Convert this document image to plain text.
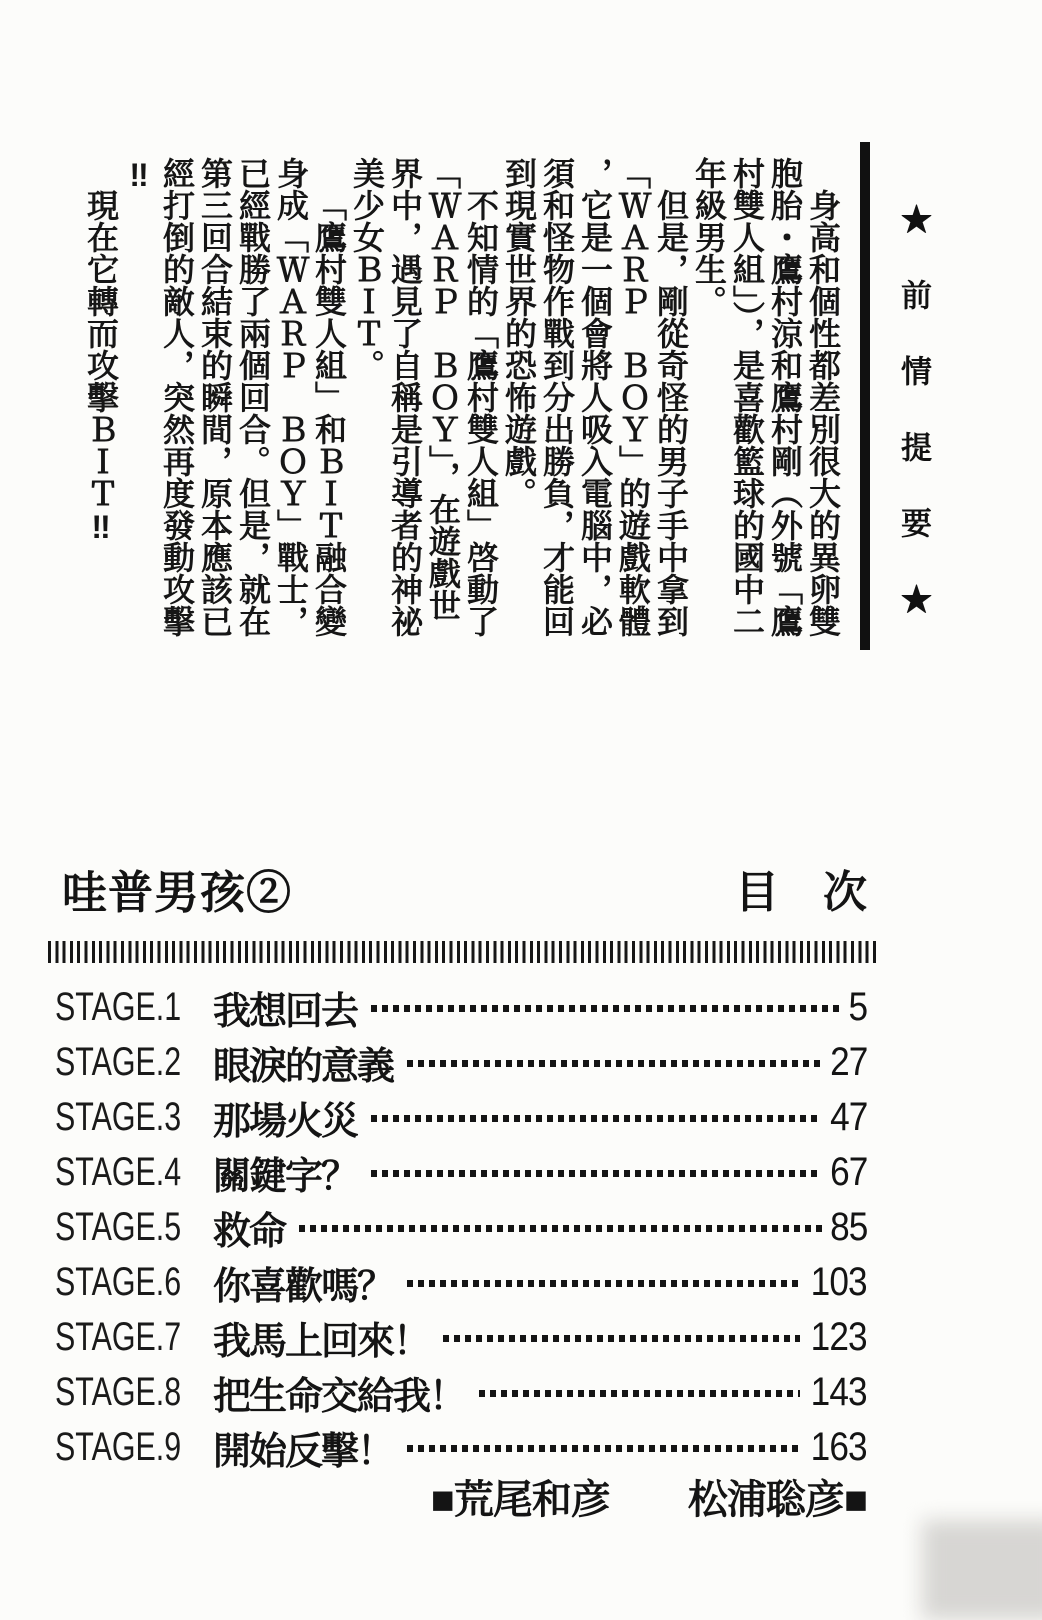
★前情提要★

身高和個性都差別很大的異卵雙胞胎・鷹村涼和鷹村剛（外號「鷹村雙人組」），是喜歡籃球的國中二年級男生。

但是，剛從奇怪的男子手中拿到「ＷＡＲＰ　ＢＯＹ」的遊戲軟體，它是一個會將人吸入電腦中，必須和怪物作戰到分出勝負，才能回到現實世界的恐怖遊戲。

不知情的「鷹村雙人組」啓動了「ＷＡＲＰ　ＢＯＹ」，在遊戲世界中，遇見了自稱是引導者的神祕美少女ＢＩＴ。

「鷹村雙人組」和ＢＩＴ融合變身成「ＷＡＲＰ　ＢＯＹ」戰士，已經戰勝了兩個回合。但是，就在第三回合結束的瞬間，原本應該已經打倒的敵人，突然再度發動攻擊‼

現在它轉而攻擊ＢＩＴ‼

哇普男孩②	目　次
STAGE.1 我想回去	5
STAGE.2 眼淚的意義	27
STAGE.3 那場火災	47
STAGE.4 關鍵字？	67
STAGE.5 救命	85
STAGE.6 你喜歡嗎？	103
STAGE.7 我馬上回來！	123
STAGE.8 把生命交給我！	143
STAGE.9 開始反擊！	163
■荒尾和彦　　松浦聡彦■
